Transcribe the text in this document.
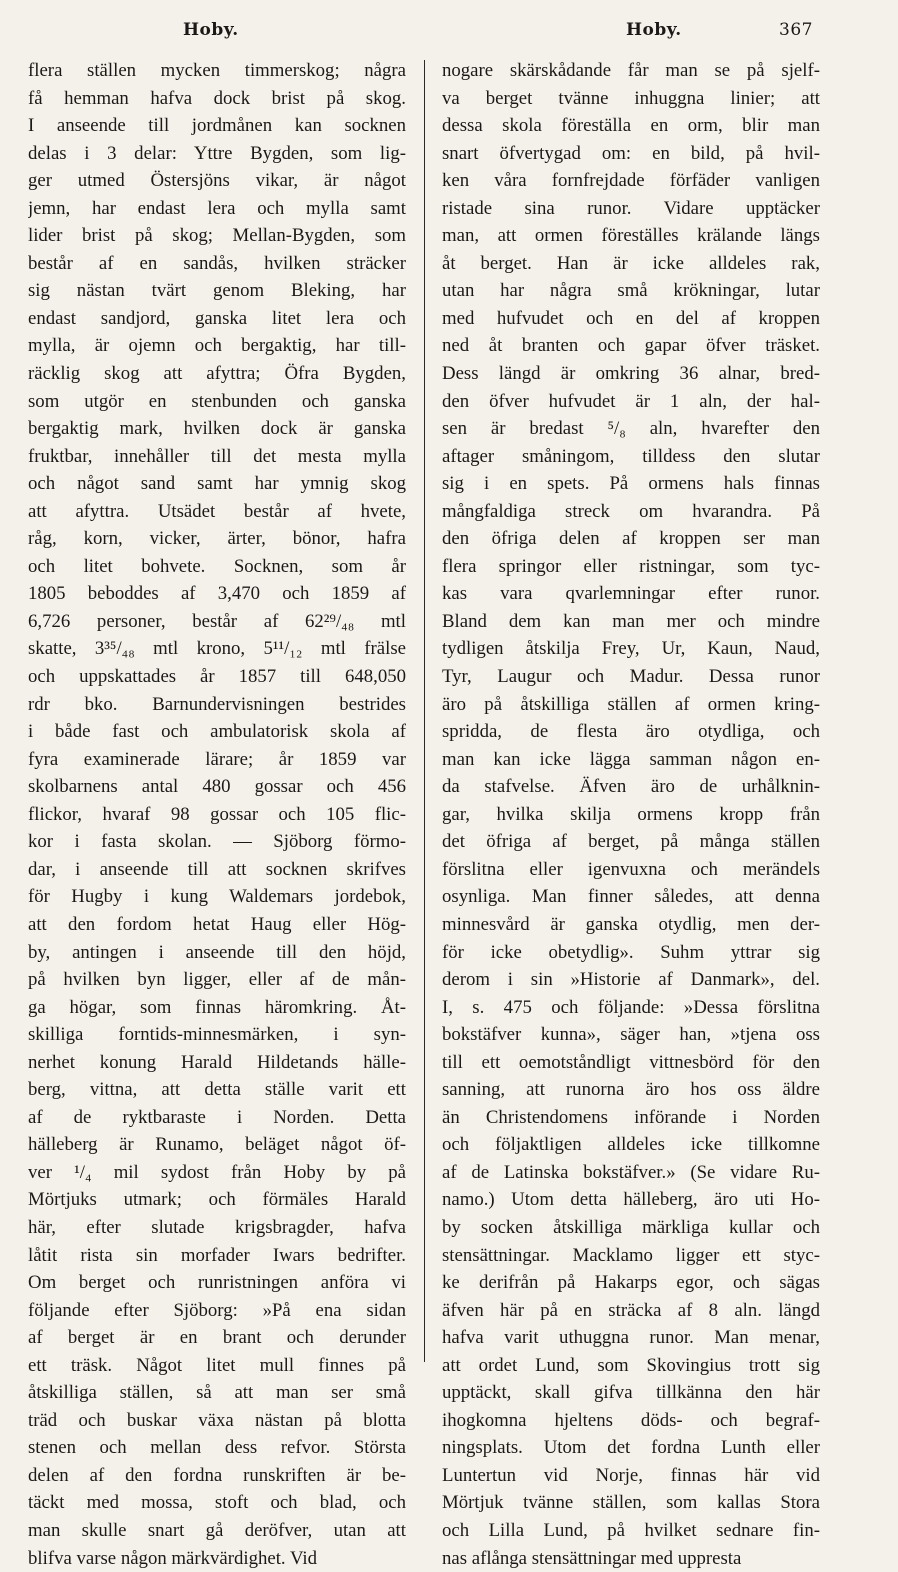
Hoby.	Hoby.	367
flera ställen mycken timmerskog; några
få hemman hafva dock brist på skog.
I anseende till jordmånen kan socknen
delas i 3 delar: Yttre Bygden, som lig-
ger utmed Östersjöns vikar, är något
jemn, har endast lera och mylla samt
lider brist på skog; Mellan-Bygden, som
består af en sandås, hvilken sträcker
sig nästan tvärt genom Bleking, har
endast sandjord, ganska litet lera och
mylla, är ojemn och bergaktig, har till-
räcklig skog att afyttra; Öfra Bygden,
som utgör en stenbunden och ganska
bergaktig mark, hvilken dock är ganska
fruktbar, innehåller till det mesta mylla
och något sand samt har ymnig skog
att afyttra. Utsädet består af hvete,
råg, korn, vicker, ärter, bönor, hafra
och litet bohvete. Socknen, som år
1805 beboddes af 3,470 och 1859 af
6,726 personer, består af 62²⁹/₄₈ mtl
skatte, 3³⁵/₄₈ mtl krono, 5¹¹/₁₂ mtl frälse
och uppskattades år 1857 till 648,050
rdr bko. Barnundervisningen bestrides
i både fast och ambulatorisk skola af
fyra examinerade lärare; år 1859 var
skolbarnens antal 480 gossar och 456
flickor, hvaraf 98 gossar och 105 flic-
kor i fasta skolan. — Sjöborg förmo-
dar, i anseende till att socknen skrifves
för Hugby i kung Waldemars jordebok,
att den fordom hetat Haug eller Hög-
by, antingen i anseende till den höjd,
på hvilken byn ligger, eller af de mån-
ga högar, som finnas häromkring. Åt-
skilliga forntids-minnesmärken, i syn-
nerhet konung Harald Hildetands hälle-
berg, vittna, att detta ställe varit ett
af de ryktbaraste i Norden. Detta
hälleberg är Runamo, beläget något öf-
ver ¹/₄ mil sydost från Hoby by på
Mörtjuks utmark; och förmäles Harald
här, efter slutade krigsbragder, hafva
låtit rista sin morfader Iwars bedrifter.
Om berget och runristningen anföra vi
följande efter Sjöborg: »På ena sidan
af berget är en brant och derunder
ett träsk. Något litet mull finnes på
åtskilliga ställen, så att man ser små
träd och buskar växa nästan på blotta
stenen och mellan dess refvor. Största
delen af den fordna runskriften är be-
täckt med mossa, stoft och blad, och
man skulle snart gå deröfver, utan att
blifva varse någon märkvärdighet. Vid
nogare skärskådande får man se på sjelf-
va berget tvänne inhuggna linier; att
dessa skola föreställa en orm, blir man
snart öfvertygad om: en bild, på hvil-
ken våra fornfrejdade förfäder vanligen
ristade sina runor. Vidare upptäcker
man, att ormen föreställes krälande längs
åt berget. Han är icke alldeles rak,
utan har några små krökningar, lutar
med hufvudet och en del af kroppen
ned åt branten och gapar öfver träsket.
Dess längd är omkring 36 alnar, bred-
den öfver hufvudet är 1 aln, der hal-
sen är bredast ⁵/₈ aln, hvarefter den
aftager småningom, tilldess den slutar
sig i en spets. På ormens hals finnas
mångfaldiga streck om hvarandra. På
den öfriga delen af kroppen ser man
flera springor eller ristningar, som tyc-
kas vara qvarlemningar efter runor.
Bland dem kan man mer och mindre
tydligen åtskilja Frey, Ur, Kaun, Naud,
Tyr, Laugur och Madur. Dessa runor
äro på åtskilliga ställen af ormen kring-
spridda, de flesta äro otydliga, och
man kan icke lägga samman någon en-
da stafvelse. Äfven äro de urhålknin-
gar, hvilka skilja ormens kropp från
det öfriga af berget, på många ställen
förslitna eller igenvuxna och merändels
osynliga. Man finner således, att denna
minnesvård är ganska otydlig, men der-
för icke obetydlig». Suhm yttrar sig
derom i sin »Historie af Danmark», del.
I, s. 475 och följande: »Dessa förslitna
bokstäfver kunna», säger han, »tjena oss
till ett oemotståndligt vittnesbörd för den
sanning, att runorna äro hos oss äldre
än Christendomens införande i Norden
och följaktligen alldeles icke tillkomne
af de Latinska bokstäfver.» (Se vidare Ru-
namo.) Utom detta hälleberg, äro uti Ho-
by socken åtskilliga märkliga kullar och
stensättningar. Macklamo ligger ett styc-
ke derifrån på Hakarps egor, och sägas
äfven här på en sträcka af 8 aln. längd
hafva varit uthuggna runor. Man menar,
att ordet Lund, som Skovingius trott sig
upptäckt, skall gifva tillkänna den här
ihogkomna hjeltens döds- och begraf-
ningsplats. Utom det fordna Lunth eller
Luntertun vid Norje, finnas här vid
Mörtjuk tvänne ställen, som kallas Stora
och Lilla Lund, på hvilket sednare fin-
nas aflånga stensättningar med uppresta
